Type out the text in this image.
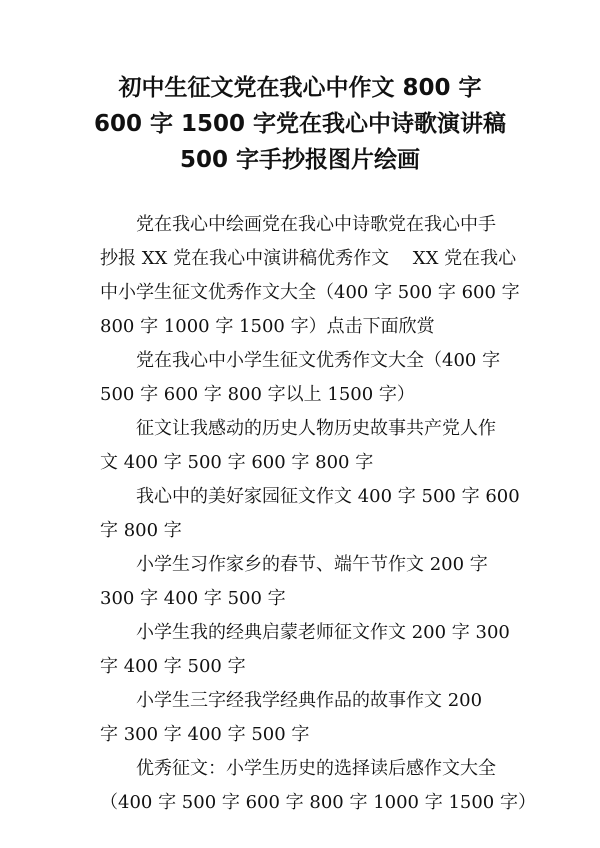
初中生征文党在我心中作文 800 字
600 字 1500 字党在我心中诗歌演讲稿
500 字手抄报图片绘画
党在我心中绘画党在我心中诗歌党在我心中手
抄报 XX 党在我心中演讲稿优秀作文　 XX 党在我心
中小学生征文优秀作文大全（400 字 500 字 600 字
800 字 1000 字 1500 字）点击下面欣赏
党在我心中小学生征文优秀作文大全（400 字
500 字 600 字 800 字以上 1500 字）
征文让我感动的历史人物历史故事共产党人作
文 400 字 500 字 600 字 800 字
我心中的美好家园征文作文 400 字 500 字 600
字 800 字
小学生习作家乡的春节、端午节作文 200 字
300 字 400 字 500 字
小学生我的经典启蒙老师征文作文 200 字 300
字 400 字 500 字
小学生三字经我学经典作品的故事作文 200
字 300 字 400 字 500 字
优秀征文：小学生历史的选择读后感作文大全
（400 字 500 字 600 字 800 字 1000 字 1500 字）
